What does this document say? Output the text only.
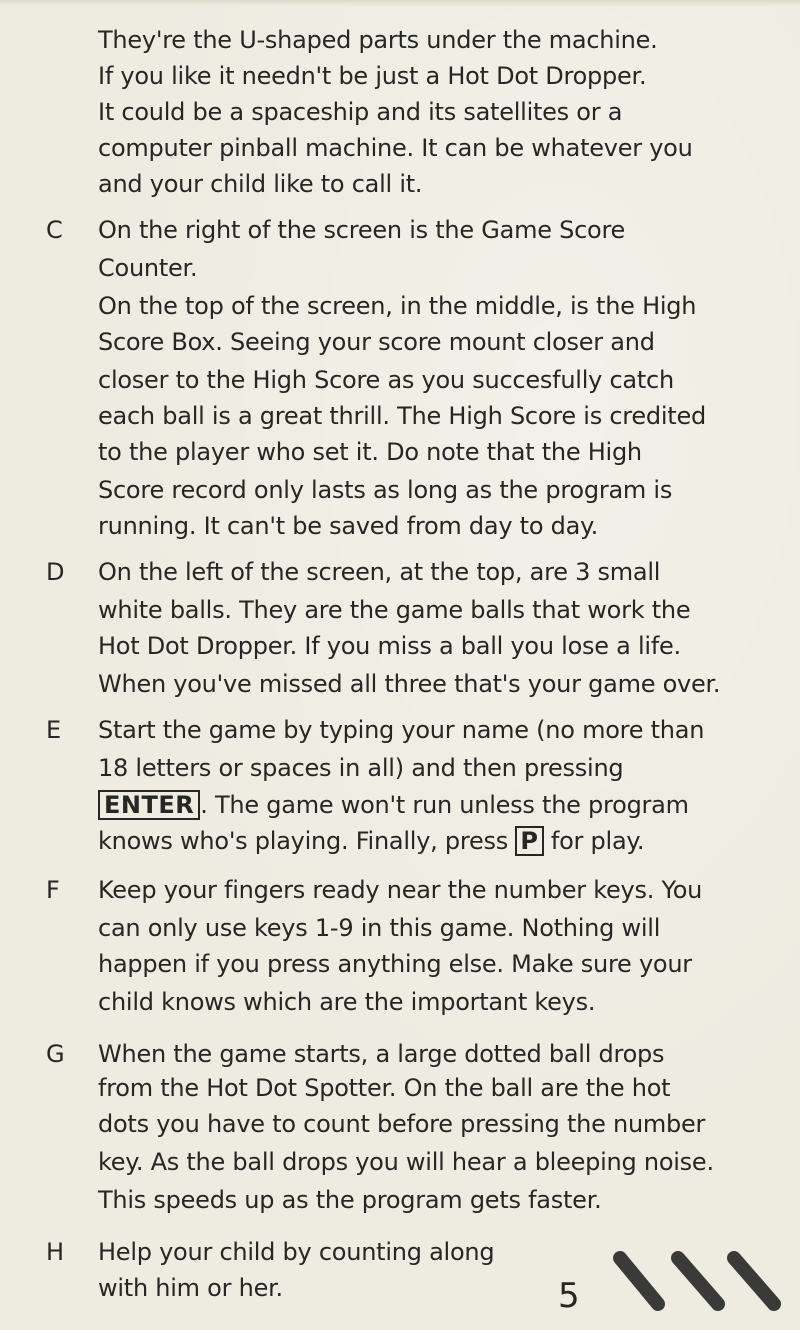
They're the U-shaped parts under the machine.
If you like it needn't be just a Hot Dot Dropper.
It could be a spaceship and its satellites or a
computer pinball machine. It can be whatever you
and your child like to call it.
C On the right of the screen is the Game Score
Counter.
On the top of the screen, in the middle, is the High
Score Box. Seeing your score mount closer and
closer to the High Score as you succesfully catch
each ball is a great thrill. The High Score is credited
to the player who set it. Do note that the High
Score record only lasts as long as the program is
running. It can't be saved from day to day.
D On the left of the screen, at the top, are 3 small
white balls. They are the game balls that work the
Hot Dot Dropper. If you miss a ball you lose a life.
When you've missed all three that's your game over.
E Start the game by typing your name (no more than
18 letters or spaces in all) and then pressing
ENTER . The game won't run unless the program
knows who's playing. Finally, press P for play.
F Keep your fingers ready near the number keys. You
can only use keys 1-9 in this game. Nothing will
happen if you press anything else. Make sure your
child knows which are the important keys.
G When the game starts, a large dotted ball drops
from the Hot Dot Spotter. On the ball are the hot
dots you have to count before pressing the number
key. As the ball drops you will hear a bleeping noise.
This speeds up as the program gets faster.
H Help your child by counting along
with him or her.	5
